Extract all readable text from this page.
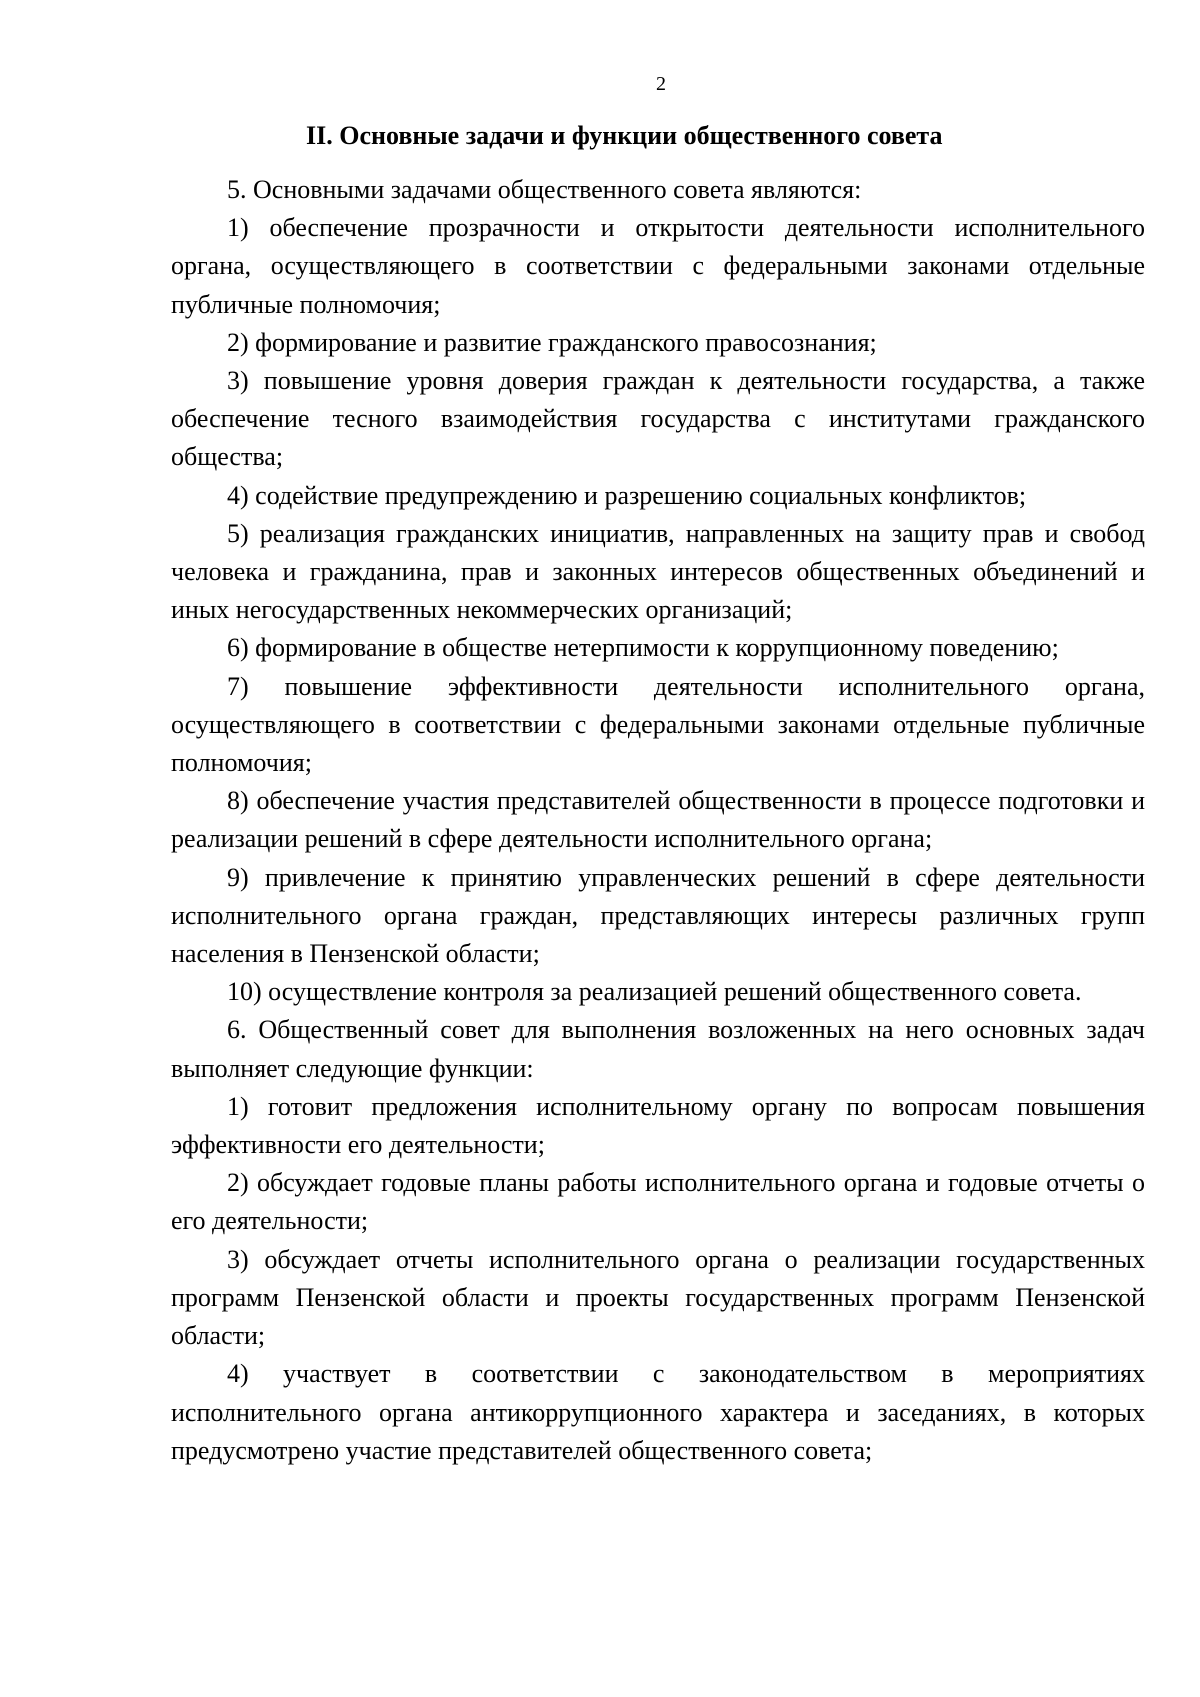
2
II. Основные задачи и функции общественного совета

5. Основными задачами общественного совета являются:

1) обеспечение прозрачности и открытости деятельности исполнительного органа, осуществляющего в соответствии с федеральными законами отдельные публичные полномочия;

2) формирование и развитие гражданского правосознания;

3) повышение уровня доверия граждан к деятельности государства, а также обеспечение тесного взаимодействия государства с институтами гражданского общества;

4) содействие предупреждению и разрешению социальных конфликтов;

5) реализация гражданских инициатив, направленных на защиту прав и свобод человека и гражданина, прав и законных интересов общественных объединений и иных негосударственных некоммерческих организаций;

6) формирование в обществе нетерпимости к коррупционному поведению;

7) повышение эффективности деятельности исполнительного органа, осуществляющего в соответствии с федеральными законами отдельные публичные полномочия;

8) обеспечение участия представителей общественности в процессе подготовки и реализации решений в сфере деятельности исполнительного органа;

9) привлечение к принятию управленческих решений в сфере деятельности исполнительного органа граждан, представляющих интересы различных групп населения в Пензенской области;

10) осуществление контроля за реализацией решений общественного совета.

6. Общественный совет для выполнения возложенных на него основных задач выполняет следующие функции:

1) готовит предложения исполнительному органу по вопросам повышения эффективности его деятельности;

2) обсуждает годовые планы работы исполнительного органа и годовые отчеты о его деятельности;

3) обсуждает отчеты исполнительного органа о реализации государственных программ Пензенской области и проекты государственных программ Пензенской области;

4) участвует в соответствии с законодательством в мероприятиях исполнительного органа антикоррупционного характера и заседаниях, в которых предусмотрено участие представителей общественного совета;
